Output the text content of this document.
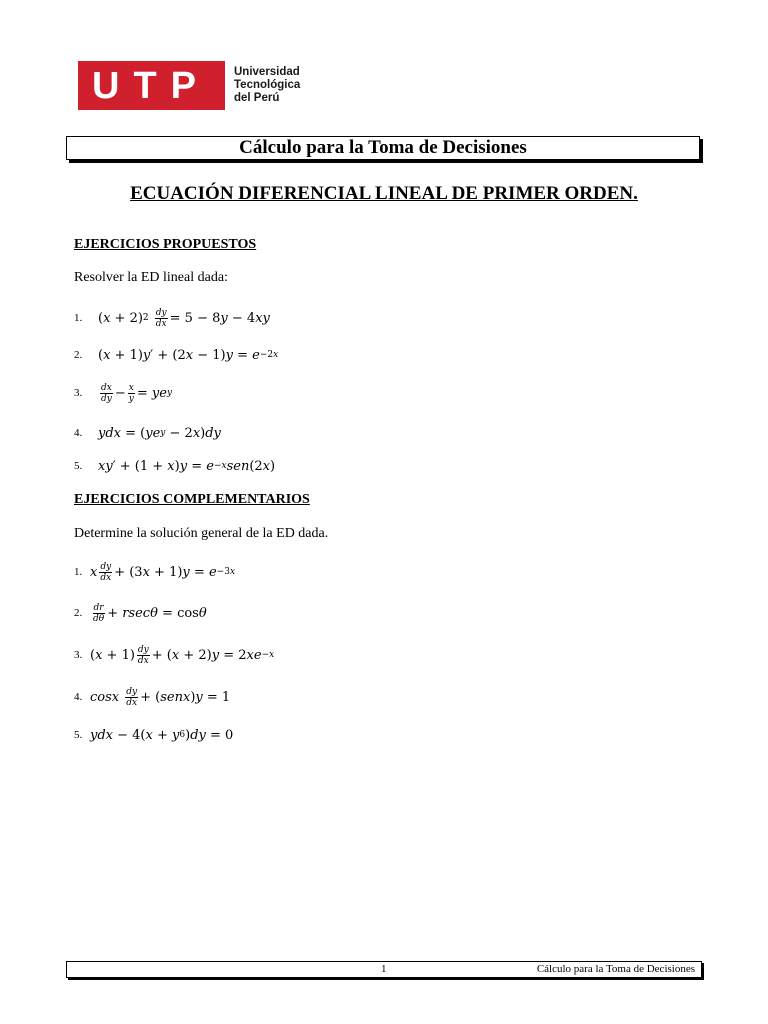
UTP Universidad
Tecnológica
del Perú
Cálculo para la Toma de Decisiones
ECUACIÓN DIFERENCIAL LINEAL DE PRIMER ORDEN.
EJERCICIOS PROPUESTOS
Resolver la ED lineal dada:
1.	( x + 2) 2
$\frac{dy}{dx} = 5 - 8$ y − 4 xy
2.	( x + 1) y ′ + (2 x − 1) y = e −2x
3.	$\frac{dx}{dy} - \frac{x}{y}$ = ye y
4.	ydx = ( ye y − 2 x ) dy
5.	xy ′ + (1 + x ) y = e −x sen (2 x )
EJERCICIOS COMPLEMENTARIOS
Determine la solución general de la ED dada.
1. x $\frac{dy}{dx} + (3$ x + 1) y = e −3x
2.	$\frac{dr}{d\theta} + rsec\theta = \cos \theta$
3. ( $x + 1) \frac{dy}{dx}$ + ( x + 2) y = 2 xe −x
4. cosx
$\frac{dy}{dx}$ + ( senx ) y = 1
5. ydx − 4( x + y 6 ) dy = 0
1	Cálculo para la Toma de Decisiones
